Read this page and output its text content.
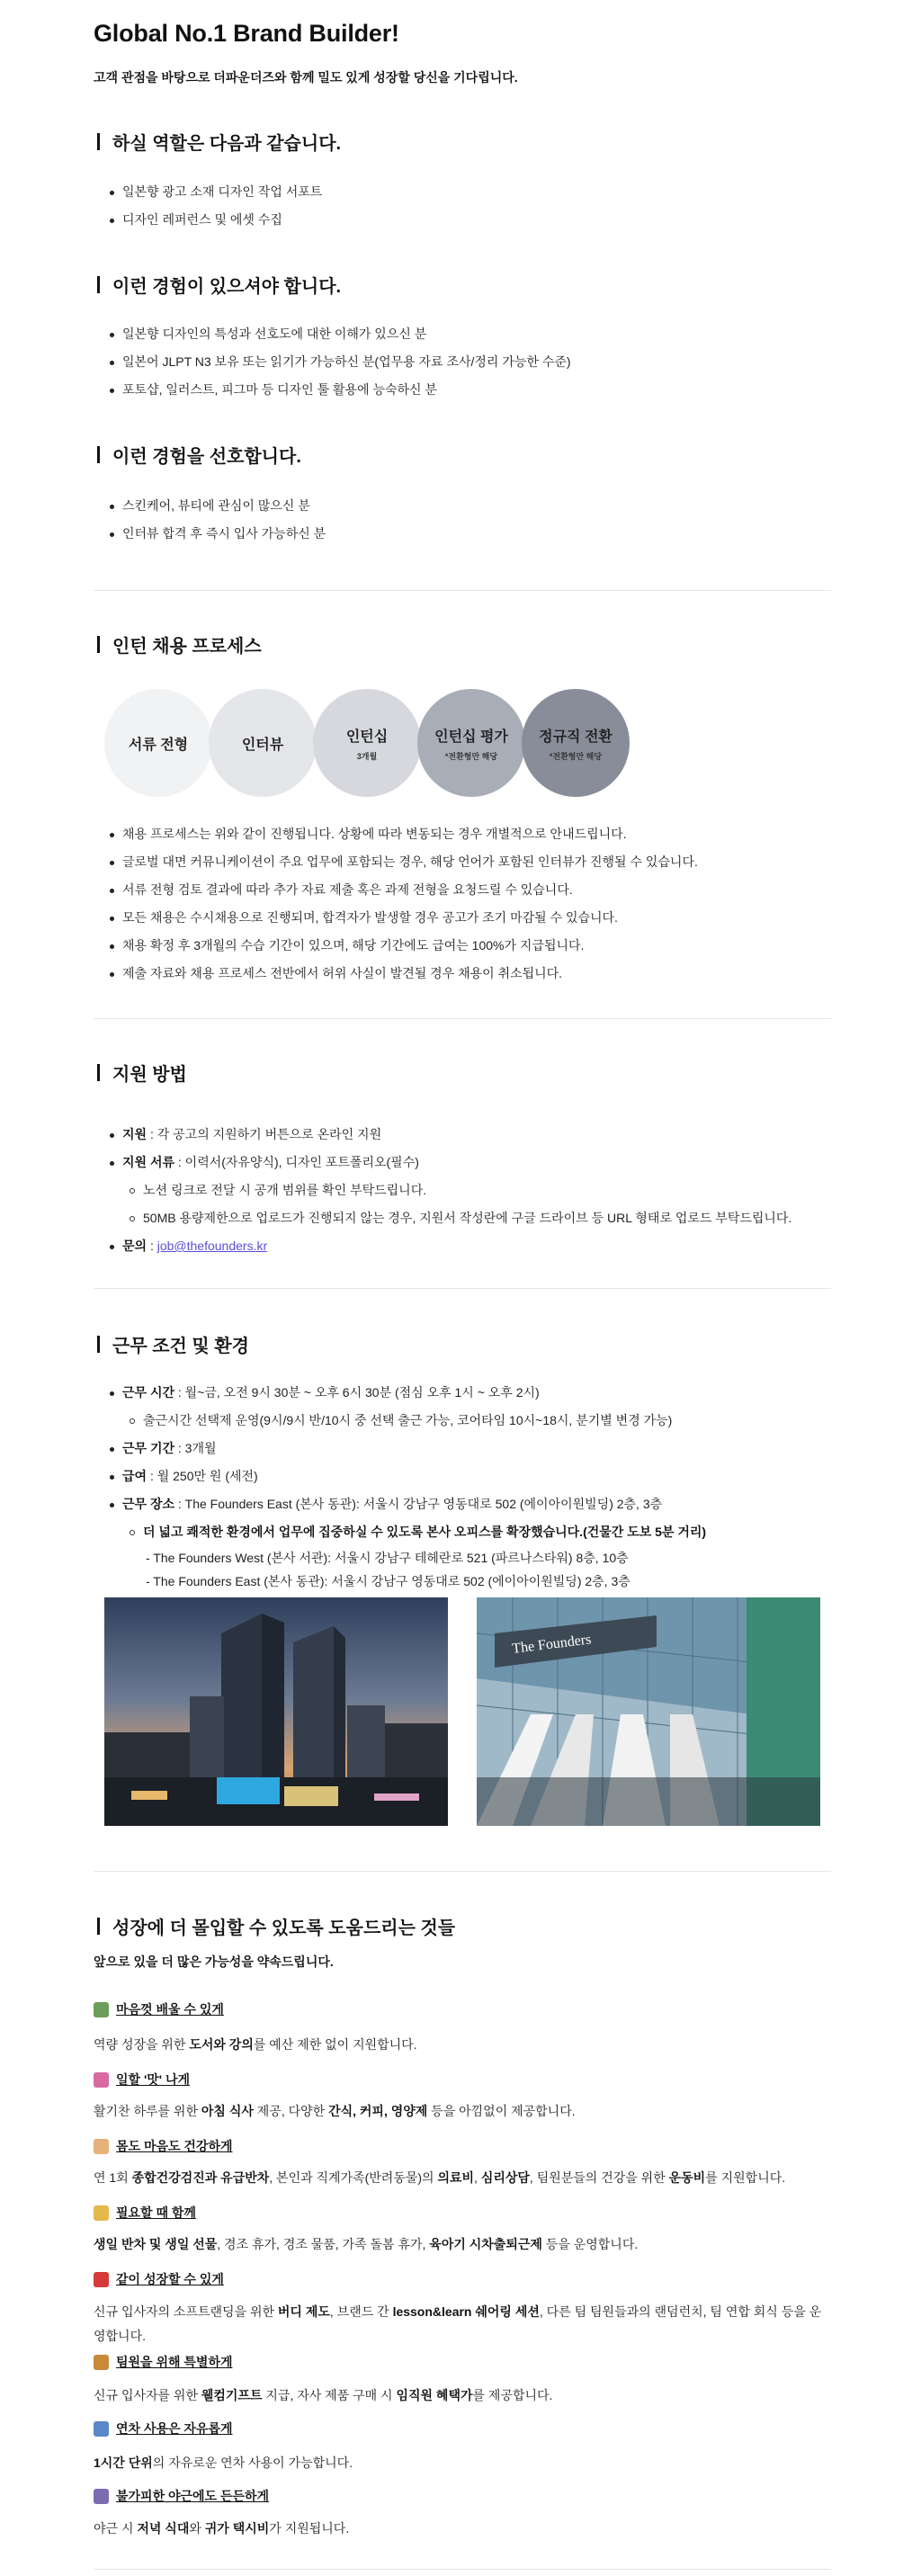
Global No.1 Brand Builder!
고객 관점을 바탕으로 더파운더즈와 함께 밀도 있게 성장할 당신을 기다립니다.
하실 역할은 다음과 같습니다.
일본향 광고 소재 디자인 작업 서포트
디자인 레퍼런스 및 에셋 수집
이런 경험이 있으셔야 합니다.
일본향 디자인의 특성과 선호도에 대한 이해가 있으신 분
일본어 JLPT N3 보유 또는 읽기가 가능하신 분(업무용 자료 조사/정리 가능한 수준)
포토샵, 일러스트, 피그마 등 디자인 툴 활용에 능숙하신 분
이런 경험을 선호합니다.
스킨케어, 뷰티에 관심이 많으신 분
인터뷰 합격 후 즉시 입사 가능하신 분
인턴 채용 프로세스
서류 전형	인터뷰
인턴십
3개월
인턴십 평가
*전환형만 해당
정규직 전환
*전환형만 해당
채용 프로세스는 위와 같이 진행됩니다. 상황에 따라 변동되는 경우 개별적으로 안내드립니다.
글로벌 대면 커뮤니케이션이 주요 업무에 포함되는 경우, 해당 언어가 포함된 인터뷰가 진행될 수 있습니다.
서류 전형 검토 결과에 따라 추가 자료 제출 혹은 과제 전형을 요청드릴 수 있습니다.
모든 채용은 수시채용으로 진행되며, 합격자가 발생할 경우 공고가 조기 마감될 수 있습니다.
채용 확정 후 3개월의 수습 기간이 있으며, 해당 기간에도 급여는 100%가 지급됩니다.
제출 자료와 채용 프로세스 전반에서 허위 사실이 발견될 경우 채용이 취소됩니다.
지원 방법
지원 : 각 공고의 지원하기 버튼으로 온라인 지원
지원 서류 : 이력서(자유양식), 디자인 포트폴리오(필수)
노션 링크로 전달 시 공개 범위를 확인 부탁드립니다.
50MB 용량제한으로 업로드가 진행되지 않는 경우, 지원서 작성란에 구글 드라이브 등 URL 형태로 업로드 부탁드립니다.
문의 : job@thefounders.kr
근무 조건 및 환경
근무 시간 : 월~금, 오전 9시 30분 ~ 오후 6시 30분 (점심 오후 1시 ~ 오후 2시)
출근시간 선택제 운영(9시/9시 반/10시 중 선택 출근 가능, 코어타임 10시~18시, 분기별 변경 가능)
근무 기간 : 3개월
급여 : 월 250만 원 (세전)
근무 장소 : The Founders East (본사 동관): 서울시 강남구 영동대로 502 (에이아이원빌딩) 2층, 3층
더 넓고 쾌적한 환경에서 업무에 집중하실 수 있도록 본사 오피스를 확장했습니다.(건물간 도보 5분 거리)
- The Founders West (본사 서관): 서울시 강남구 테헤란로 521 (파르나스타워) 8층, 10층
- The Founders East (본사 동관): 서울시 강남구 영동대로 502 (에이아이원빌딩) 2층, 3층
The Founders
성장에 더 몰입할 수 있도록 도움드리는 것들
앞으로 있을 더 많은 가능성을 약속드립니다.
마음껏 배울 수 있게
역량 성장을 위한 도서와 강의를 예산 제한 없이 지원합니다.
일할 '맛' 나게
활기찬 하루를 위한 아침 식사 제공, 다양한 간식, 커피, 영양제 등을 아낌없이 제공합니다.
몸도 마음도 건강하게
연 1회 종합건강검진과 유급반차, 본인과 직계가족(반려동물)의 의료비, 심리상담, 팀원분들의 건강을 위한 운동비를 지원합니다.
필요할 때 함께
생일 반차 및 생일 선물, 경조 휴가, 경조 물품, 가족 돌봄 휴가, 육아기 시차출퇴근제 등을 운영합니다.
같이 성장할 수 있게
신규 입사자의 소프트랜딩을 위한 버디 제도, 브랜드 간 lesson&learn 쉐어링 세션, 다른 팀 팀원들과의 랜덤런치, 팀 연합 회식 등을 운영합니다.
팀원을 위해 특별하게
신규 입사자를 위한 웰컴기프트 지급, 자사 제품 구매 시 임직원 혜택가를 제공합니다.
연차 사용은 자유롭게
1시간 단위의 자유로운 연차 사용이 가능합니다.
불가피한 야근에도 든든하게
야근 시 저녁 식대와 귀가 택시비가 지원됩니다.
